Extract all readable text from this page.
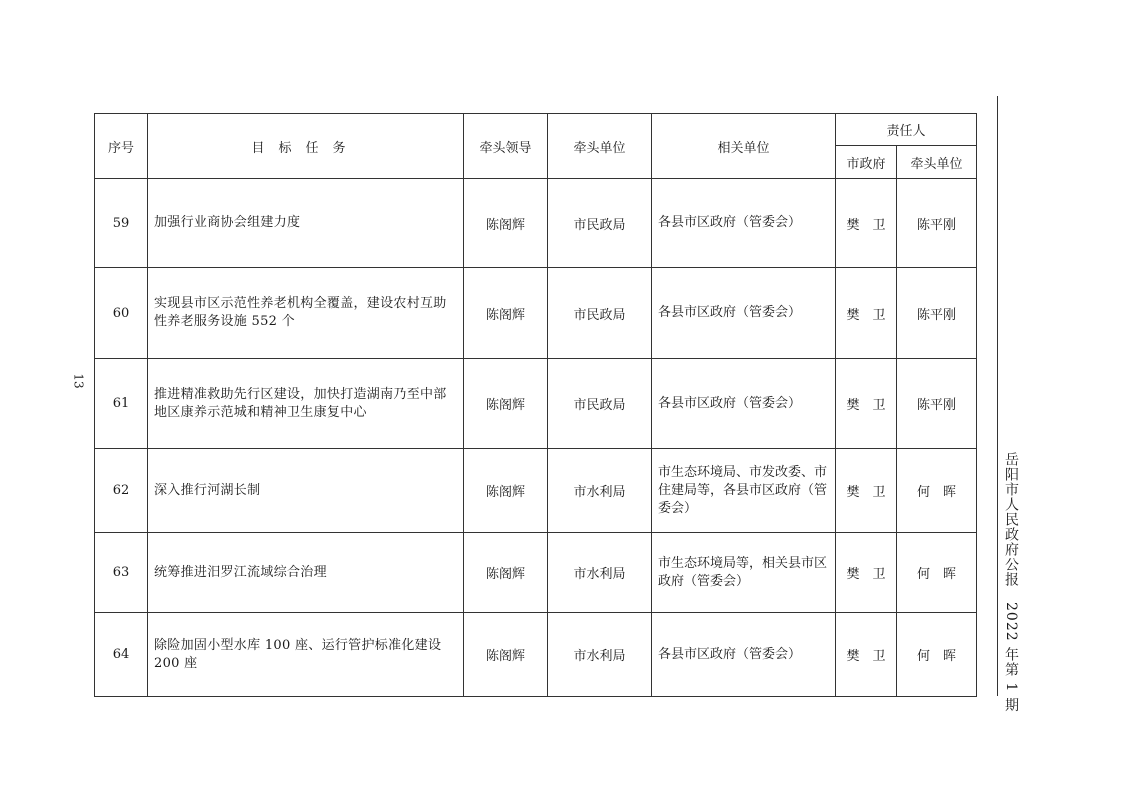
13
岳阳市人民政府公报　2022 年第 1 期
序号	目标任务	牵头领导	牵头单位	相关单位	责任人	
					市政府	牵头单位
59	加强行业商协会组建力度	陈阁辉	市民政局	各县市区政府（管委会）	樊　卫	陈平刚
60	实现县市区示范性养老机构全覆盖，建设农村互助性养老服务设施 552 个	陈阁辉	市民政局	各县市区政府（管委会）	樊　卫	陈平刚
61	推进精准救助先行区建设，加快打造湖南乃至中部地区康养示范城和精神卫生康复中心	陈阁辉	市民政局	各县市区政府（管委会）	樊　卫	陈平刚
62	深入推行河湖长制	陈阁辉	市水利局	市生态环境局、市发改委、市住建局等，各县市区政府（管委会）	樊　卫	何　晖
63	统筹推进汨罗江流域综合治理	陈阁辉	市水利局	市生态环境局等，相关县市区政府（管委会）	樊　卫	何　晖
64	除险加固小型水库 100 座、运行管护标准化建设 200 座	陈阁辉	市水利局	各县市区政府（管委会）	樊　卫	何　晖
